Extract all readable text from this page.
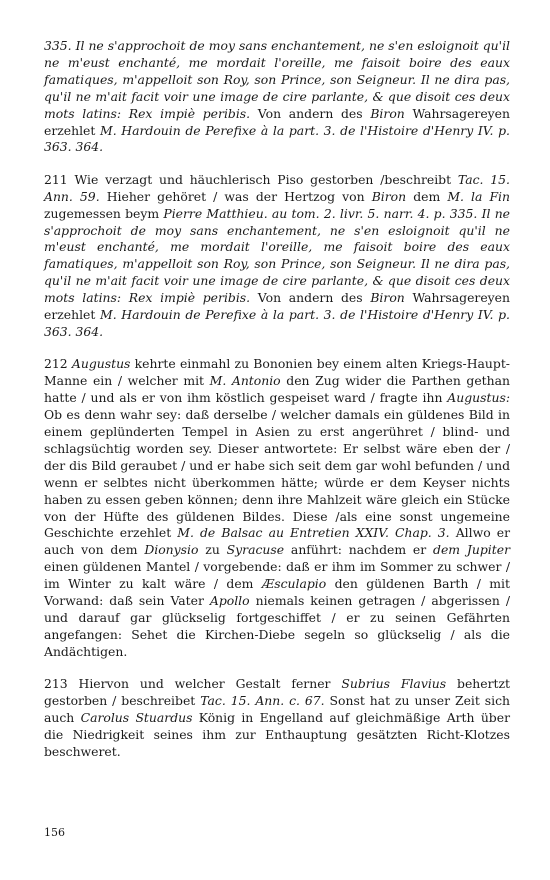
335. Il ne s'approchoit de moy sans enchantement, ne s'en esloignoit qu'il ne m'eust enchanté, me mordait l'oreille, me faisoit boire des eaux famatiques, m'appelloit son Roy, son Prince, son Seigneur. Il ne dira pas, qu'il ne m'ait facit voir une image de cire parlante, & que disoit ces deux mots latins: Rex impiè peribis. Von andern des Biron Wahrsagereyen erzehlet M. Hardouin de Perefixe à la part. 3. de l'Histoire d'Henry IV. p. 363. 364.

211 Wie verzagt und häuchlerisch Piso gestorben /beschreibt Tac. 15. Ann. 59. Hieher gehöret / was der Hertzog von Biron dem M. la Fin zugemessen beym Pierre Matthieu. au tom. 2. livr. 5. narr. 4. p. 335. Il ne s'approchoit de moy sans enchantement, ne s'en esloignoit qu'il ne m'eust enchanté, me mordait l'oreille, me faisoit boire des eaux famatiques, m'appelloit son Roy, son Prince, son Seigneur. Il ne dira pas, qu'il ne m'ait facit voir une image de cire parlante, & que disoit ces deux mots latins: Rex impiè peribis. Von andern des Biron Wahrsagereyen erzehlet M. Hardouin de Perefixe à la part. 3. de l'Histoire d'Henry IV. p. 363. 364.

212 Augustus kehrte einmahl zu Bononien bey einem alten Kriegs-Haupt-Manne ein / welcher mit M. Antonio den Zug wider die Parthen gethan hatte / und als er von ihm köstlich gespeiset ward / fragte ihn Augustus: Ob es denn wahr sey: daß derselbe / welcher damals ein güldenes Bild in einem geplünderten Tempel in Asien zu erst angerühret / blind- und schlagsüchtig worden sey. Dieser antwortete: Er selbst wäre eben der / der dis Bild geraubet / und er habe sich seit dem gar wohl befunden / und wenn er selbtes nicht überkommen hätte; würde er dem Keyser nichts haben zu essen geben können; denn ihre Mahlzeit wäre gleich ein Stücke von der Hüfte des güldenen Bildes. Diese /als eine sonst ungemeine Geschichte erzehlet M. de Balsac au Entretien XXIV. Chap. 3. Allwo er auch von dem Dionysio zu Syracuse anführt: nachdem er dem Jupiter einen güldenen Mantel / vorgebende: daß er ihm im Sommer zu schwer / im Winter zu kalt wäre / dem Æsculapio den güldenen Barth / mit Vorwand: daß sein Vater Apollo niemals keinen getragen / abgerissen / und darauf gar glückselig fortgeschiffet / er zu seinen Gefährten angefangen: Sehet die Kirchen-Diebe segeln so glückselig / als die Andächtigen.

213 Hiervon und welcher Gestalt ferner Subrius Flavius behertzt gestorben / beschreibet Tac. 15. Ann. c. 67. Sonst hat zu unser Zeit sich auch Carolus Stuardus König in Engelland auf gleichmäßige Arth über die Niedrigkeit seines ihm zur Enthauptung gesätzten Richt-Klotzes beschweret.

156
